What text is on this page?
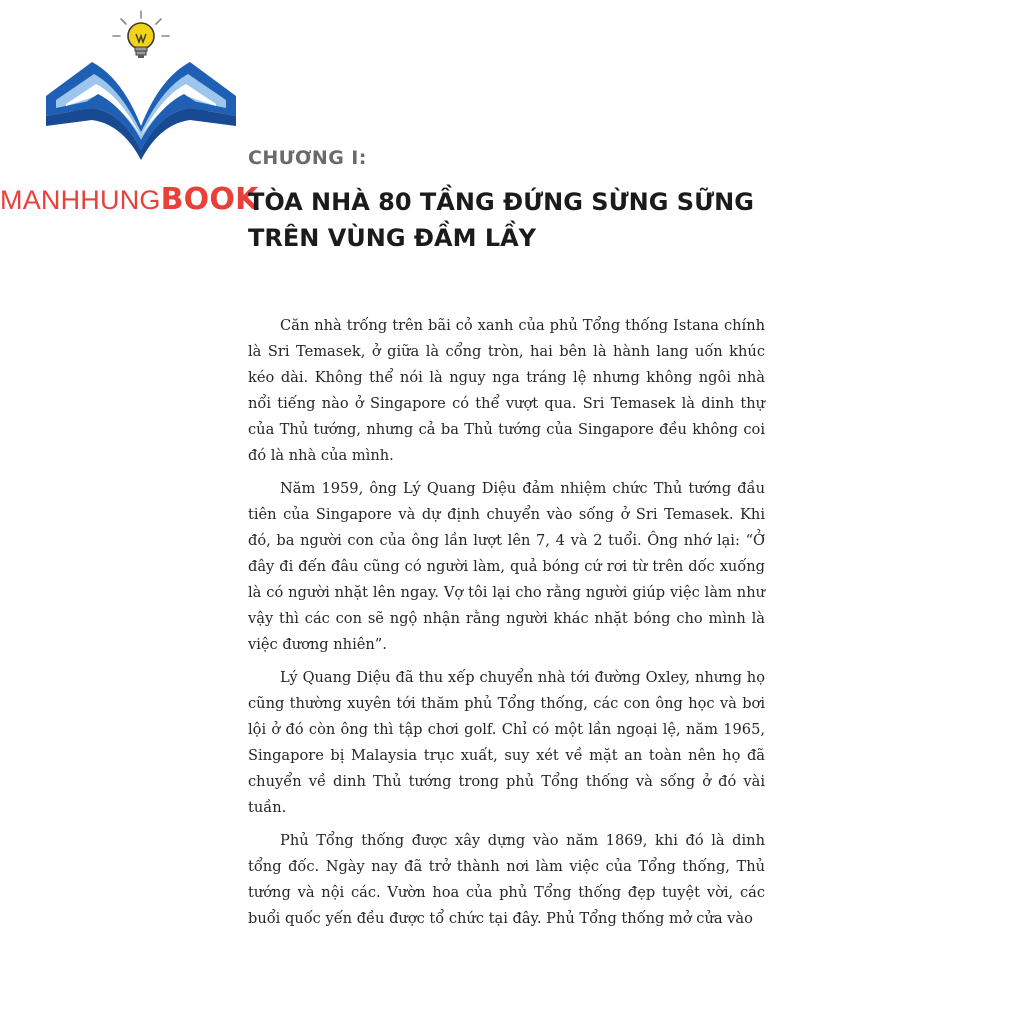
MANHHUNGBOOK
CHƯƠNG I:
TÒA NHÀ 80 TẦNG ĐỨNG SỪNG SỮNG
TRÊN VÙNG ĐẦM LẦY

Căn nhà trống trên bãi cỏ xanh của phủ Tổng thống Istana chính là Sri Temasek, ở giữa là cổng tròn, hai bên là hành lang uốn khúc kéo dài. Không thể nói là nguy nga tráng lệ nhưng không ngôi nhà nổi tiếng nào ở Singapore có thể vượt qua. Sri Temasek là dinh thự của Thủ tướng, nhưng cả ba Thủ tướng của Singapore đều không coi đó là nhà của mình.

Năm 1959, ông Lý Quang Diệu đảm nhiệm chức Thủ tướng đầu tiên của Singapore và dự định chuyển vào sống ở Sri Temasek. Khi đó, ba người con của ông lần lượt lên 7, 4 và 2 tuổi. Ông nhớ lại: “Ở đây đi đến đâu cũng có người làm, quả bóng cứ rơi từ trên dốc xuống là có người nhặt lên ngay. Vợ tôi lại cho rằng người giúp việc làm như vậy thì các con sẽ ngộ nhận rằng người khác nhặt bóng cho mình là việc đương nhiên”.

Lý Quang Diệu đã thu xếp chuyển nhà tới đường Oxley, nhưng họ cũng thường xuyên tới thăm phủ Tổng thống, các con ông học và bơi lội ở đó còn ông thì tập chơi golf. Chỉ có một lần ngoại lệ, năm 1965, Singapore bị Malaysia trục xuất, suy xét về mặt an toàn nên họ đã chuyển về dinh Thủ tướng trong phủ Tổng thống và sống ở đó vài tuần.

Phủ Tổng thống được xây dựng vào năm 1869, khi đó là dinh tổng đốc. Ngày nay đã trở thành nơi làm việc của Tổng thống, Thủ tướng và nội các. Vườn hoa của phủ Tổng thống đẹp tuyệt vời, các buổi quốc yến đều được tổ chức tại đây. Phủ Tổng thống mở cửa vào
